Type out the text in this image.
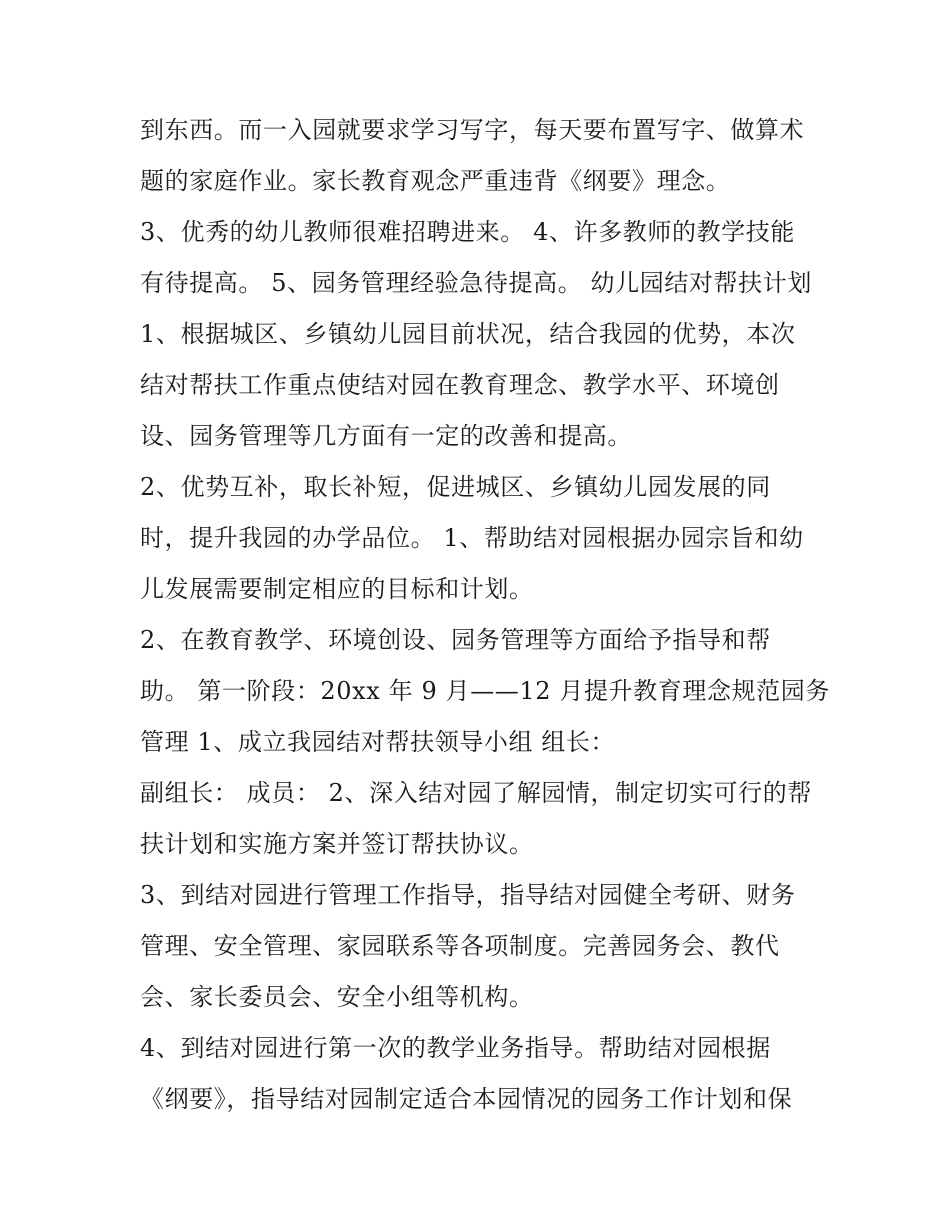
到东西。而一入园就要求学习写字，每天要布置写字、做算术
题的家庭作业。家长教育观念严重违背《纲要》理念。
3、优秀的幼儿教师很难招聘进来。 4、许多教师的教学技能
有待提高。 5、园务管理经验急待提高。 幼儿园结对帮扶计划
1、根据城区、乡镇幼儿园目前状况，结合我园的优势，本次
结对帮扶工作重点使结对园在教育理念、教学水平、环境创
设、园务管理等几方面有一定的改善和提高。
2、优势互补，取长补短，促进城区、乡镇幼儿园发展的同
时，提升我园的办学品位。 1、帮助结对园根据办园宗旨和幼
儿发展需要制定相应的目标和计划。
2、在教育教学、环境创设、园务管理等方面给予指导和帮
助。 第一阶段：20xx 年 9 月——12 月提升教育理念规范园务
管理 1、成立我园结对帮扶领导小组 组长：
副组长： 成员： 2、深入结对园了解园情，制定切实可行的帮
扶计划和实施方案并签订帮扶协议。
3、到结对园进行管理工作指导，指导结对园健全考研、财务
管理、安全管理、家园联系等各项制度。完善园务会、教代
会、家长委员会、安全小组等机构。
4、到结对园进行第一次的教学业务指导。帮助结对园根据
《纲要》，指导结对园制定适合本园情况的园务工作计划和保
